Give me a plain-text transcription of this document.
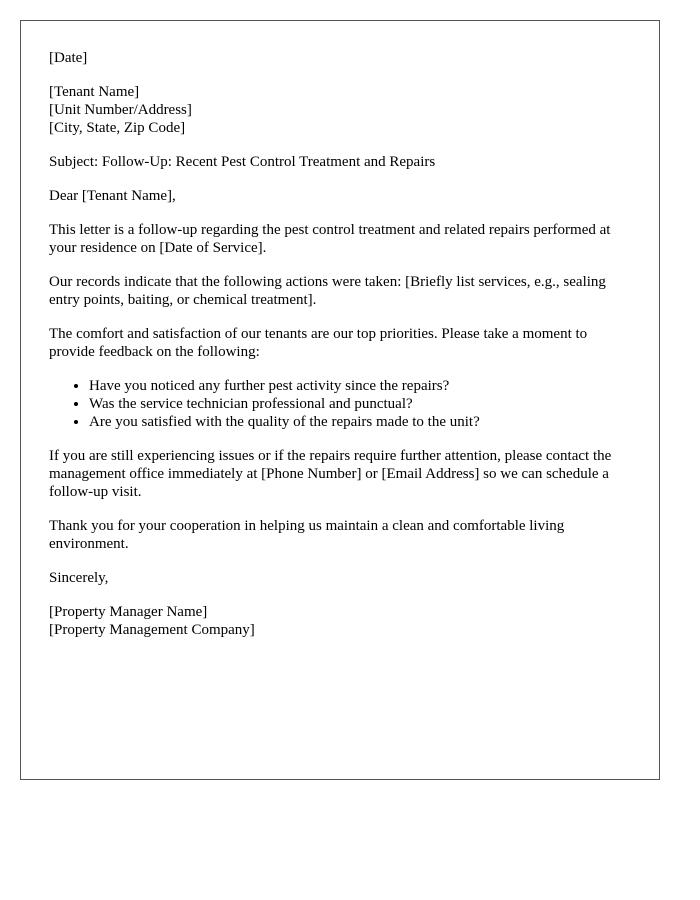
[Date]
[Tenant Name]
[Unit Number/Address]
[City, State, Zip Code]
Subject: Follow-Up: Recent Pest Control Treatment and Repairs
Dear [Tenant Name],
This letter is a follow-up regarding the pest control treatment and related repairs performed at your residence on [Date of Service].
Our records indicate that the following actions were taken: [Briefly list services, e.g., sealing entry points, baiting, or chemical treatment].
The comfort and satisfaction of our tenants are our top priorities. Please take a moment to provide feedback on the following:
• Have you noticed any further pest activity since the repairs?
• Was the service technician professional and punctual?
• Are you satisfied with the quality of the repairs made to the unit?
If you are still experiencing issues or if the repairs require further attention, please contact the management office immediately at [Phone Number] or [Email Address] so we can schedule a follow-up visit.
Thank you for your cooperation in helping us maintain a clean and comfortable living environment.
Sincerely,
[Property Manager Name]
[Property Management Company]
